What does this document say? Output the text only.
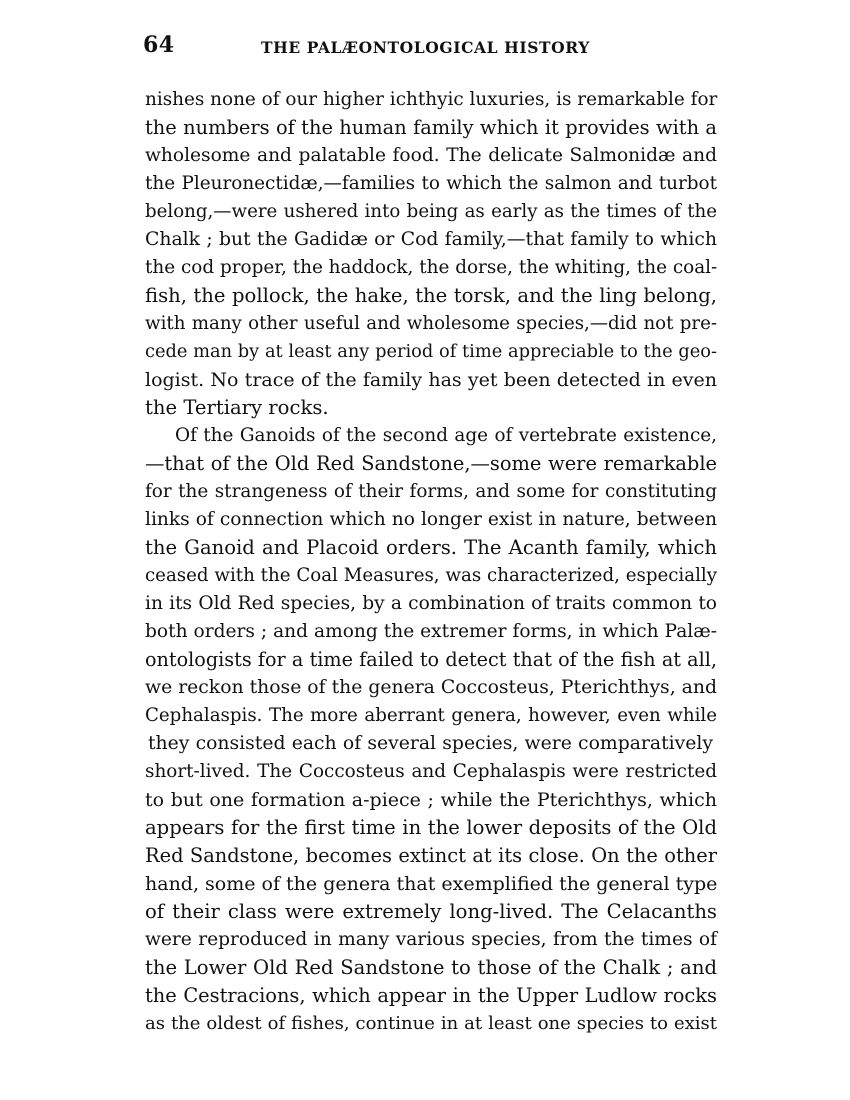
64	THE PALÆONTOLOGICAL HISTORY
nishes none of our higher ichthyic luxuries, is remarkable for
the numbers of the human family which it provides with a
wholesome and palatable food. The delicate Salmonidæ and
the Pleuronectidæ,—families to which the salmon and turbot
belong,—were ushered into being as early as the times of the
Chalk ; but the Gadidæ or Cod family,—that family to which
the cod proper, the haddock, the dorse, the whiting, the coal-
fish, the pollock, the hake, the torsk, and the ling belong,
with many other useful and wholesome species,—did not pre-
cede man by at least any period of time appreciable to the geo-
logist. No trace of the family has yet been detected in even
the Tertiary rocks.
Of the Ganoids of the second age of vertebrate existence,
—that of the Old Red Sandstone,—some were remarkable
for the strangeness of their forms, and some for constituting
links of connection which no longer exist in nature, between
the Ganoid and Placoid orders. The Acanth family, which
ceased with the Coal Measures, was characterized, especially
in its Old Red species, by a combination of traits common to
both orders ; and among the extremer forms, in which Palæ-
ontologists for a time failed to detect that of the fish at all,
we reckon those of the genera Coccosteus, Pterichthys, and
Cephalaspis. The more aberrant genera, however, even while
they consisted each of several species, were comparatively
short-lived. The Coccosteus and Cephalaspis were restricted
to but one formation a-piece ; while the Pterichthys, which
appears for the first time in the lower deposits of the Old
Red Sandstone, becomes extinct at its close. On the other
hand, some of the genera that exemplified the general type
of their class were extremely long-lived. The Celacanths
were reproduced in many various species, from the times of
the Lower Old Red Sandstone to those of the Chalk ; and
the Cestracions, which appear in the Upper Ludlow rocks
as the oldest of fishes, continue in at least one species to exist
